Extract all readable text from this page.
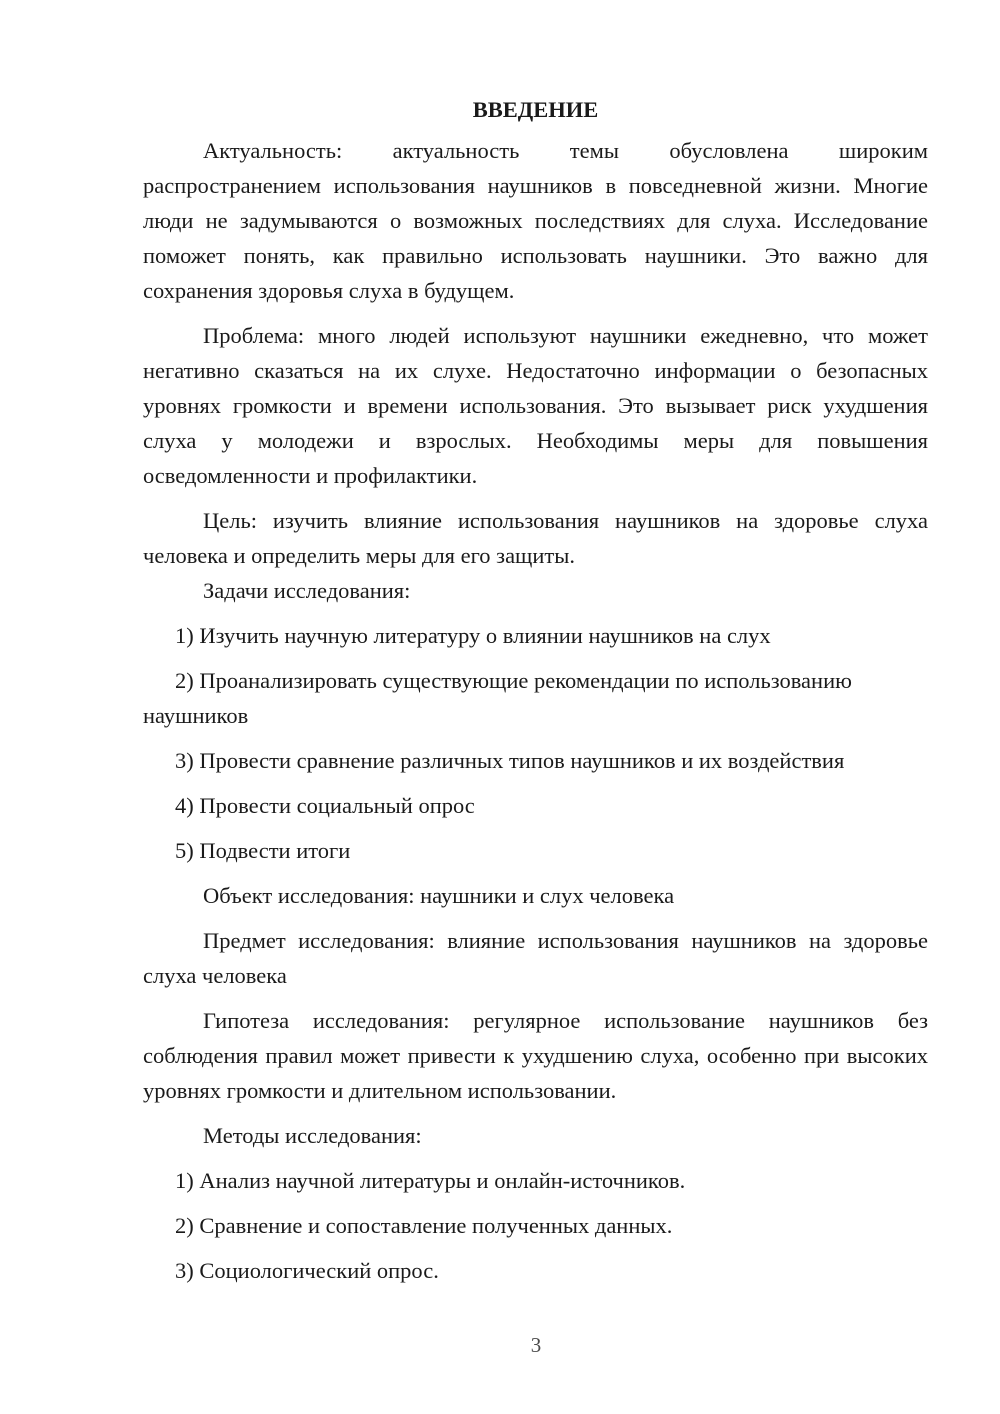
ВВЕДЕНИЕ

Актуальность: актуальность темы обусловлена широким распространением использования наушников в повседневной жизни. Многие люди не задумываются о возможных последствиях для слуха. Исследование поможет понять, как правильно использовать наушники. Это важно для сохранения здоровья слуха в будущем.

Проблема: много людей используют наушники ежедневно, что может негативно сказаться на их слухе. Недостаточно информации о безопасных уровнях громкости и времени использования. Это вызывает риск ухудшения слуха у молодежи и взрослых. Необходимы меры для повышения осведомленности и профилактики.

Цель: изучить влияние использования наушников на здоровье слуха человека и определить меры для его защиты.

Задачи исследования:

1) Изучить научную литературу о влиянии наушников на слух

2) Проанализировать существующие рекомендации по использованию наушников

3) Провести сравнение различных типов наушников и их воздействия

4) Провести социальный опрос

5) Подвести итоги

Объект исследования: наушники и слух человека

Предмет исследования: влияние использования наушников на здоровье слуха человека

Гипотеза исследования: регулярное использование наушников без соблюдения правил может привести к ухудшению слуха, особенно при высоких уровнях громкости и длительном использовании.

Методы исследования:

1) Анализ научной литературы и онлайн-источников.

2) Сравнение и сопоставление полученных данных.

3) Социологический опрос.

3
